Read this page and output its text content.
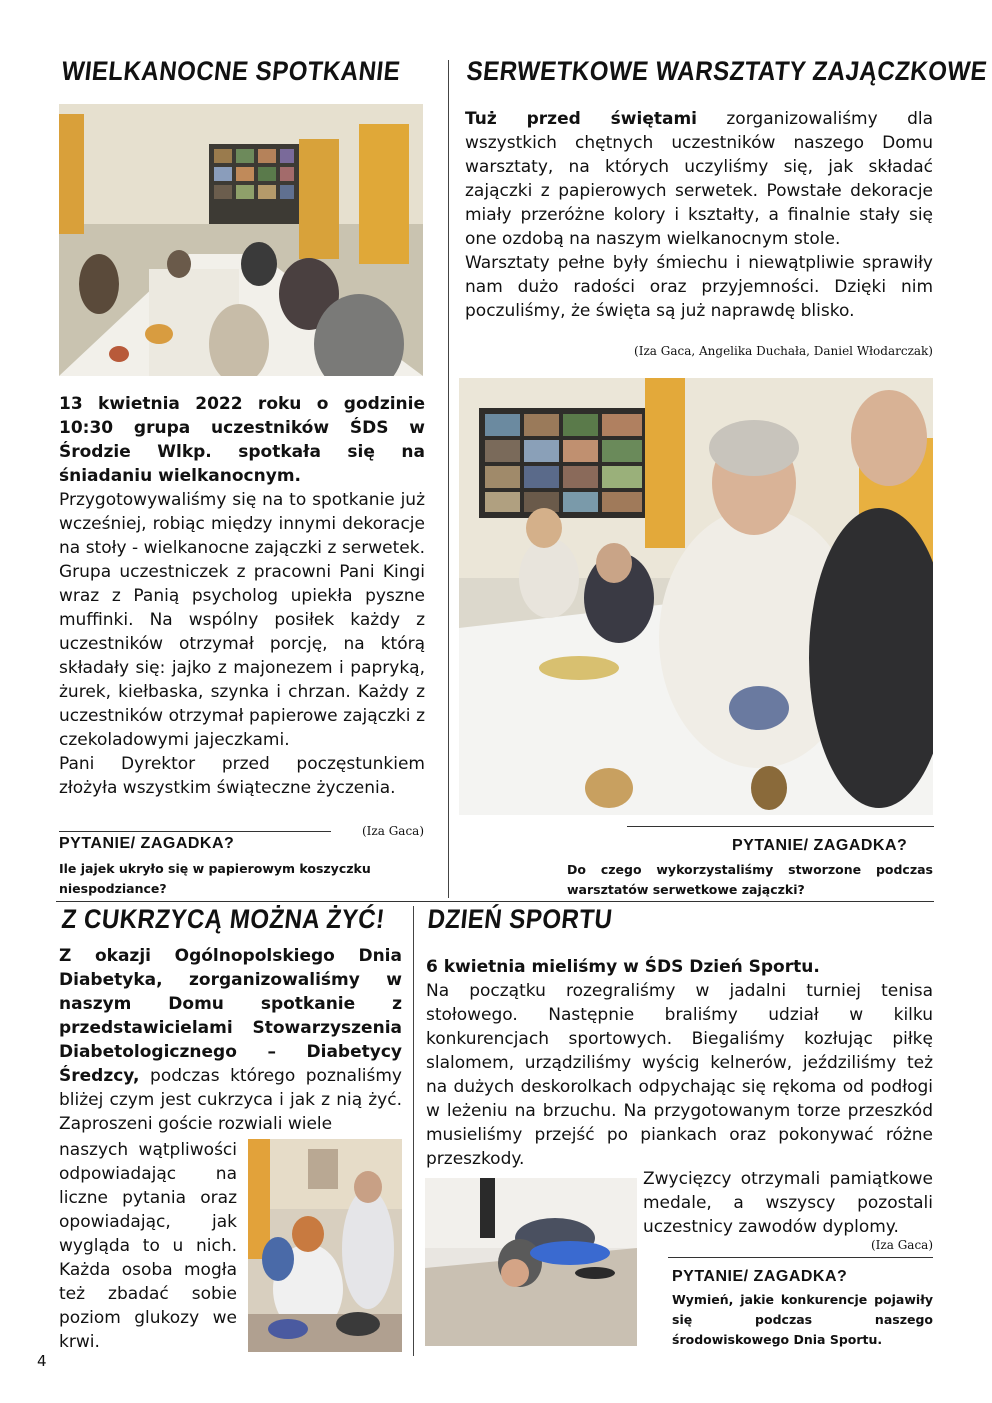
WIELKANOCNE SPOTKANIE

13 kwietnia 2022 roku o godzinie 10:30 grupa uczestników ŚDS w Środzie Wlkp. spotkała się na śniadaniu wielkanocnym.

Przygotowywaliśmy się na to spotkanie już wcześniej, robiąc między innymi dekoracje na stoły - wielkanocne zajączki z serwetek. Grupa uczestniczek z pracowni Pani Kingi wraz z Panią psycholog upiekła pyszne muffinki. Na wspólny posiłek każdy z uczestników otrzymał porcję, na którą składały się: jajko z majonezem i papryką, żurek, kiełbaska, szynka i chrzan. Każdy z uczestników otrzymał papierowe zajączki z czekoladowymi jajeczkami.

Pani Dyrektor przed poczęstunkiem złożyła wszystkim świąteczne życzenia.

(Iza Gaca)
PYTANIE/ ZAGADKA?

Ile jajek ukryło się w papierowym koszyczku niespodziance?

SERWETKOWE WARSZTATY ZAJĄCZKOWE

Tuż przed świętami zorganizowaliśmy dla wszystkich chętnych uczestników naszego Domu warsztaty, na których uczyliśmy się, jak składać zajączki z papierowych serwetek. Powstałe dekoracje miały przeróżne kolory i kształty, a finalnie stały się one ozdobą na naszym wielkanocnym stole.

Warsztaty pełne były śmiechu i niewątpliwie sprawiły nam dużo radości oraz przyjemności. Dzięki nim poczuliśmy, że święta są już naprawdę blisko.

(Iza Gaca, Angelika Duchała, Daniel Włodarczak)
PYTANIE/ ZAGADKA?

Do czego wykorzystaliśmy stworzone podczas warsztatów serwetkowe zajączki?

Z CUKRZYCĄ MOŻNA ŻYĆ!

Z okazji Ogólnopolskiego Dnia Diabetyka, zorganizowaliśmy w naszym Domu spotkanie z przedstawicielami Stowarzyszenia Diabetologicznego – Diabetycy Średzcy, podczas którego poznaliśmy bliżej czym jest cukrzyca i jak z nią żyć. Zaproszeni goście rozwiali wiele

naszych wątpliwości odpowiadając na liczne pytania oraz opowiadając, jak wygląda to u nich. Każda osoba mogła też zbadać sobie poziom glukozy we krwi.

4
DZIEŃ SPORTU

6 kwietnia mieliśmy w ŚDS Dzień Sportu.

Na początku rozegraliśmy w jadalni turniej tenisa stołowego. Następnie braliśmy udział w kilku konkurencjach sportowych. Biegaliśmy kozłując piłkę slalomem, urządziliśmy wyścig kelnerów, jeździliśmy też na dużych deskorolkach odpychając się rękoma od podłogi w leżeniu na brzuchu. Na przygotowanym torze przeszkód musieliśmy przejść po piankach oraz pokonywać różne przeszkody.

Zwycięzcy otrzymali pamiątkowe medale, a wszyscy pozostali uczestnicy zawodów dyplomy.

(Iza Gaca)
PYTANIE/ ZAGADKA?

Wymień, jakie konkurencje pojawiły się podczas naszego środowiskowego Dnia Sportu.
